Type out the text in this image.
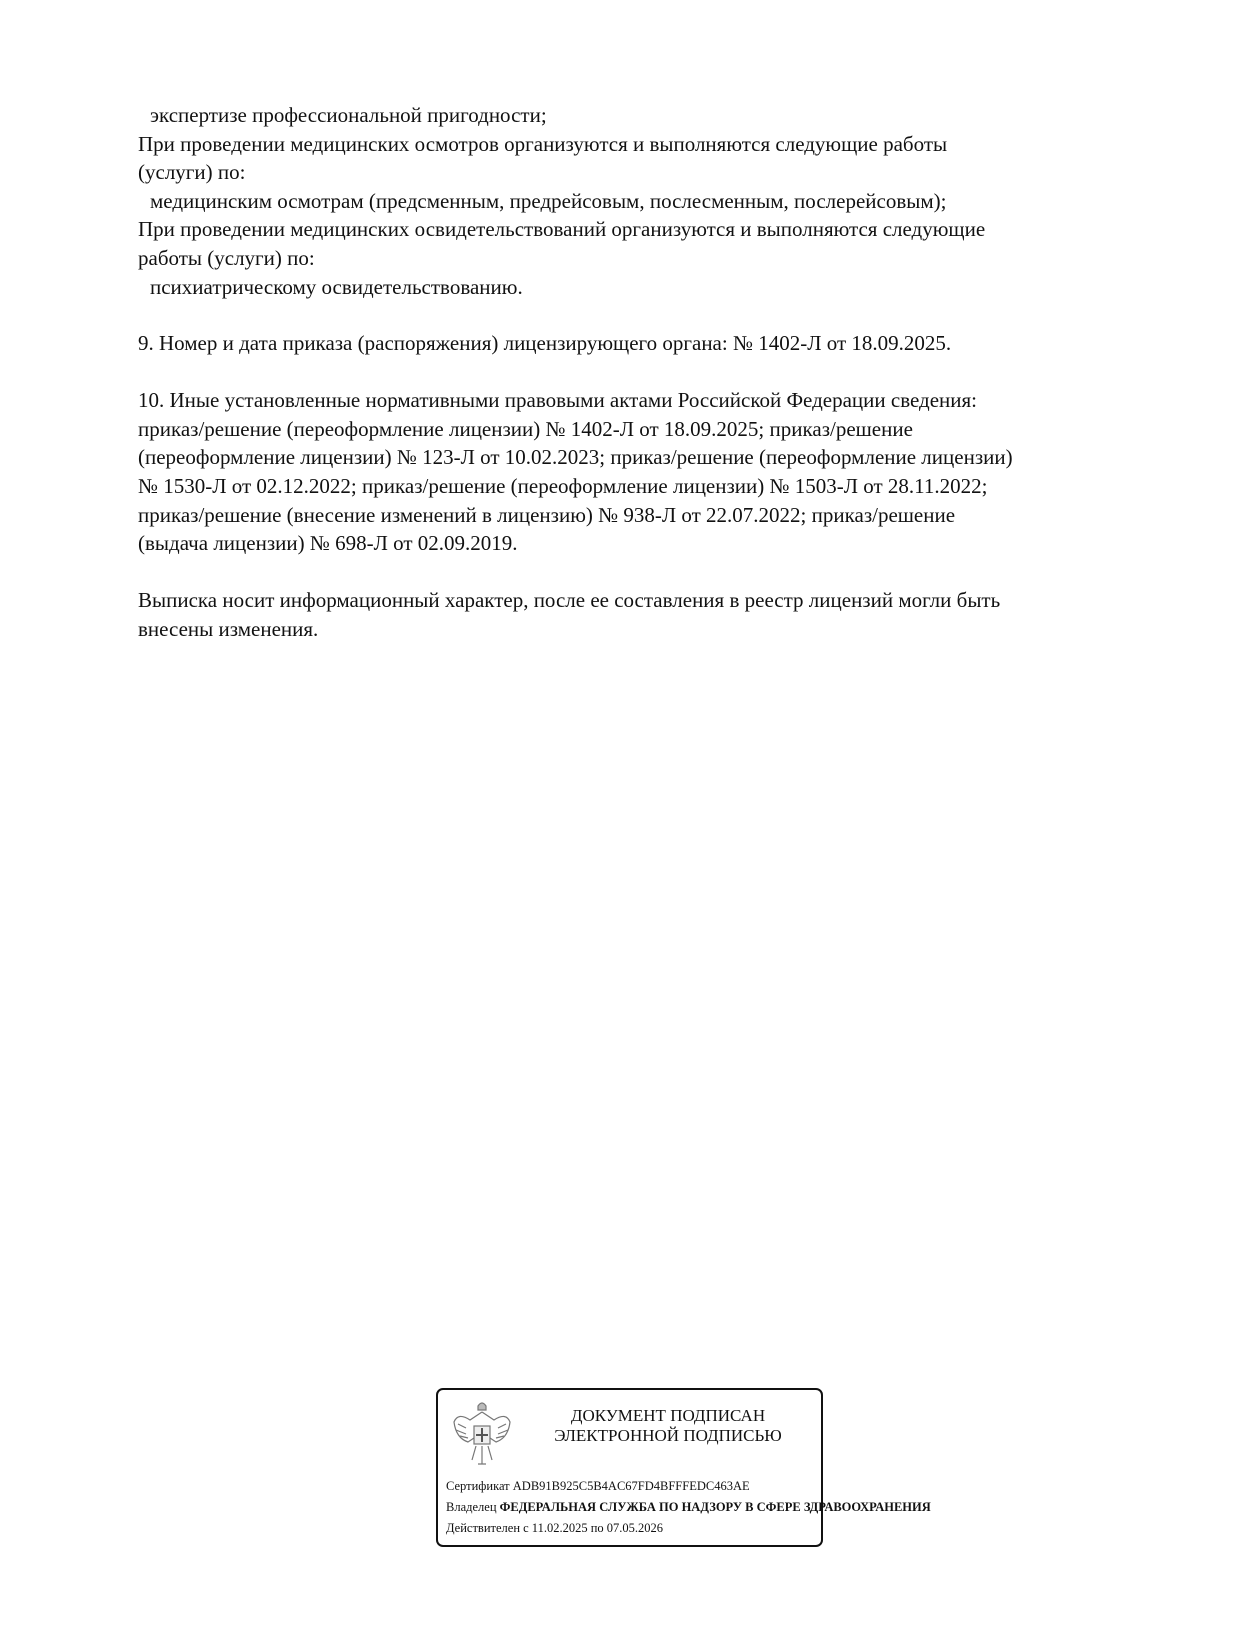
экспертизе профессиональной пригодности;
При проведении медицинских осмотров организуются и выполняются следующие работы
(услуги) по:
медицинским осмотрам (предсменным, предрейсовым, послесменным, послерейсовым);
При проведении медицинских освидетельствований организуются и выполняются следующие
работы (услуги) по:
психиатрическому освидетельствованию.
9. Номер и дата приказа (распоряжения) лицензирующего органа: № 1402-Л от 18.09.2025.
10. Иные установленные нормативными правовыми актами Российской Федерации сведения:
приказ/решение (переоформление лицензии) № 1402-Л от 18.09.2025; приказ/решение
(переоформление лицензии) № 123-Л от 10.02.2023; приказ/решение (переоформление лицензии)
№ 1530-Л от 02.12.2022; приказ/решение (переоформление лицензии) № 1503-Л от 28.11.2022;
приказ/решение (внесение изменений в лицензию) № 938-Л от 22.07.2022; приказ/решение
(выдача лицензии) № 698-Л от 02.09.2019.
Выписка носит информационный характер, после ее составления в реестр лицензий могли быть
внесены изменения.
ДОКУМЕНТ ПОДПИСАН
ЭЛЕКТРОННОЙ ПОДПИСЬЮ
Сертификат ADB91B925C5B4AC67FD4BFFFEDC463AE
Владелец ФЕДЕРАЛЬНАЯ СЛУЖБА ПО НАДЗОРУ В СФЕРЕ ЗДРАВООХРАНЕНИЯ
Действителен с 11.02.2025 по 07.05.2026
